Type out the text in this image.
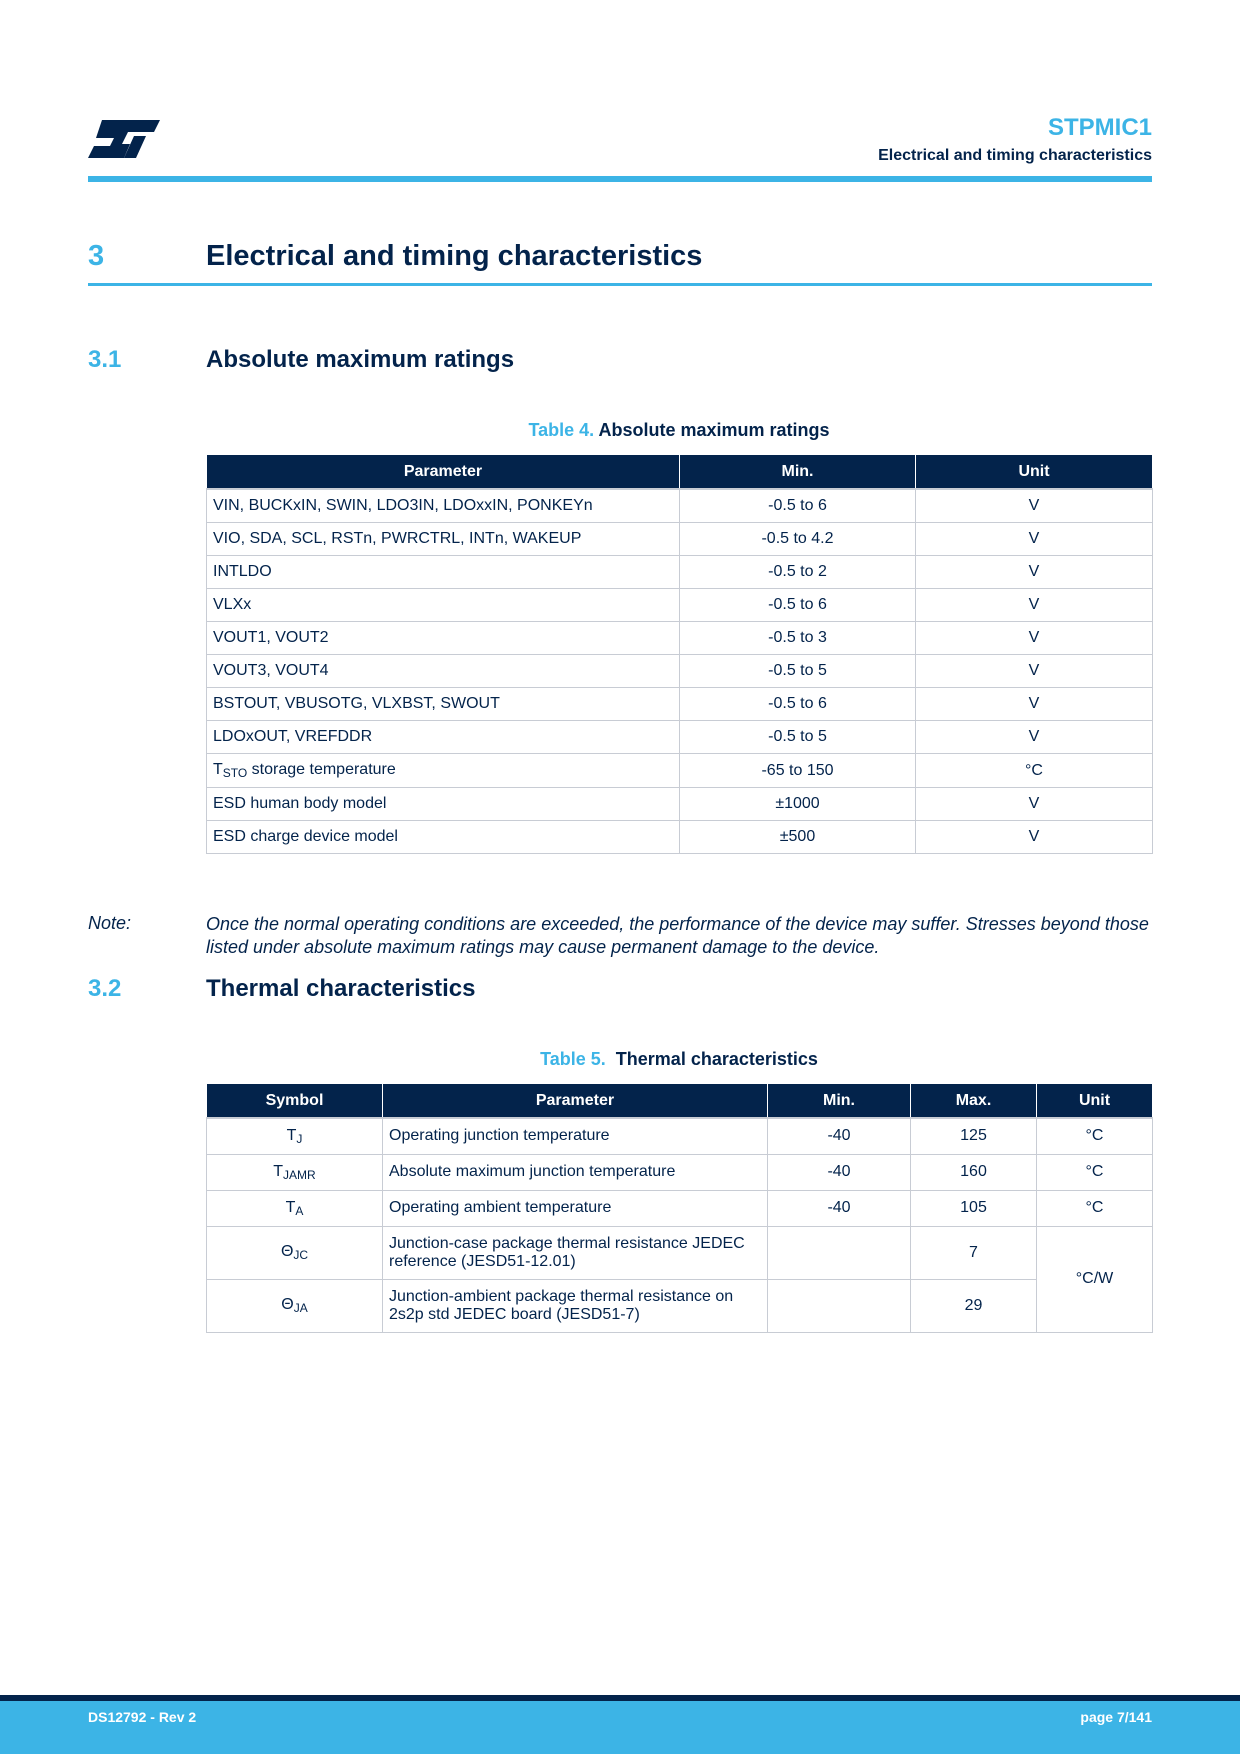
STPMIC1
Electrical and timing characteristics
3	Electrical and timing characteristics
3.1	Absolute maximum ratings
Table 4. Absolute maximum ratings
Parameter	Min.	Unit
VIN, BUCKxIN, SWIN, LDO3IN, LDOxxIN, PONKEYn	-0.5 to 6	V
VIO, SDA, SCL, RSTn, PWRCTRL, INTn, WAKEUP	-0.5 to 4.2	V
INTLDO	-0.5 to 2	V
VLXx	-0.5 to 6	V
VOUT1, VOUT2	-0.5 to 3	V
VOUT3, VOUT4	-0.5 to 5	V
BSTOUT, VBUSOTG, VLXBST, SWOUT	-0.5 to 6	V
LDOxOUT, VREFDDR	-0.5 to 5	V
$T_{STO}$ storage temperature	-65 to 150	°C
ESD human body model	±1000	V
ESD charge device model	±500	V
Note:	Once the normal operating conditions are exceeded, the performance of the device may suffer. Stresses beyond those listed under absolute maximum ratings may cause permanent damage to the device.
3.2	Thermal characteristics
Table 5. Thermal characteristics
Symbol	Parameter	Min.	Max.	Unit
$T_J$	Operating junction temperature	-40	125	°C
$T_{JAMR}$	Absolute maximum junction temperature	-40	160	°C
$T_A$	Operating ambient temperature	-40	105	°C
$\Theta_{JC}$	Junction-case package thermal resistance JEDEC reference (JESD51-12.01)		7	°C/W
$\Theta_{JA}$	Junction-ambient package thermal resistance on 2s2p std JEDEC board (JESD51-7)		29	
DS12792 - Rev 2	page 7/141
